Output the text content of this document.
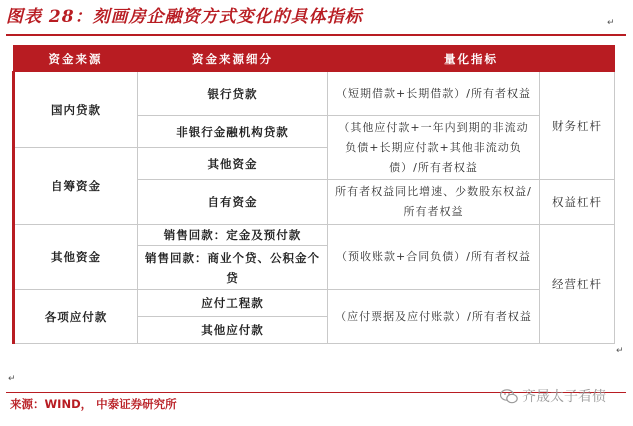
图表 28：刻画房企融资方式变化的具体指标	↵
资金来源	资金来源细分	量化指标	
国内贷款	银行贷款	（短期借款+长期借款）/所有者权益	财务杠杆
	非银行金融机构贷款	（其他应付款+一年内到期的非流动负债+长期应付款+其他非流动负债）/所有者权益	
自筹资金	其他资金		
	自有资金	所有者权益同比增速、少数股东权益/所有者权益	权益杠杆
其他资金	销售回款：定金及预付款	（预收账款+合同负债）/所有者权益	经营杠杆
	销售回款：商业个贷、公积金个贷		
各项应付款	应付工程款	（应付票据及应付账款）/所有者权益	
	其他应付款		
↵
↵
来源：WIND， 中泰证券研究所	齐晟太子看债
